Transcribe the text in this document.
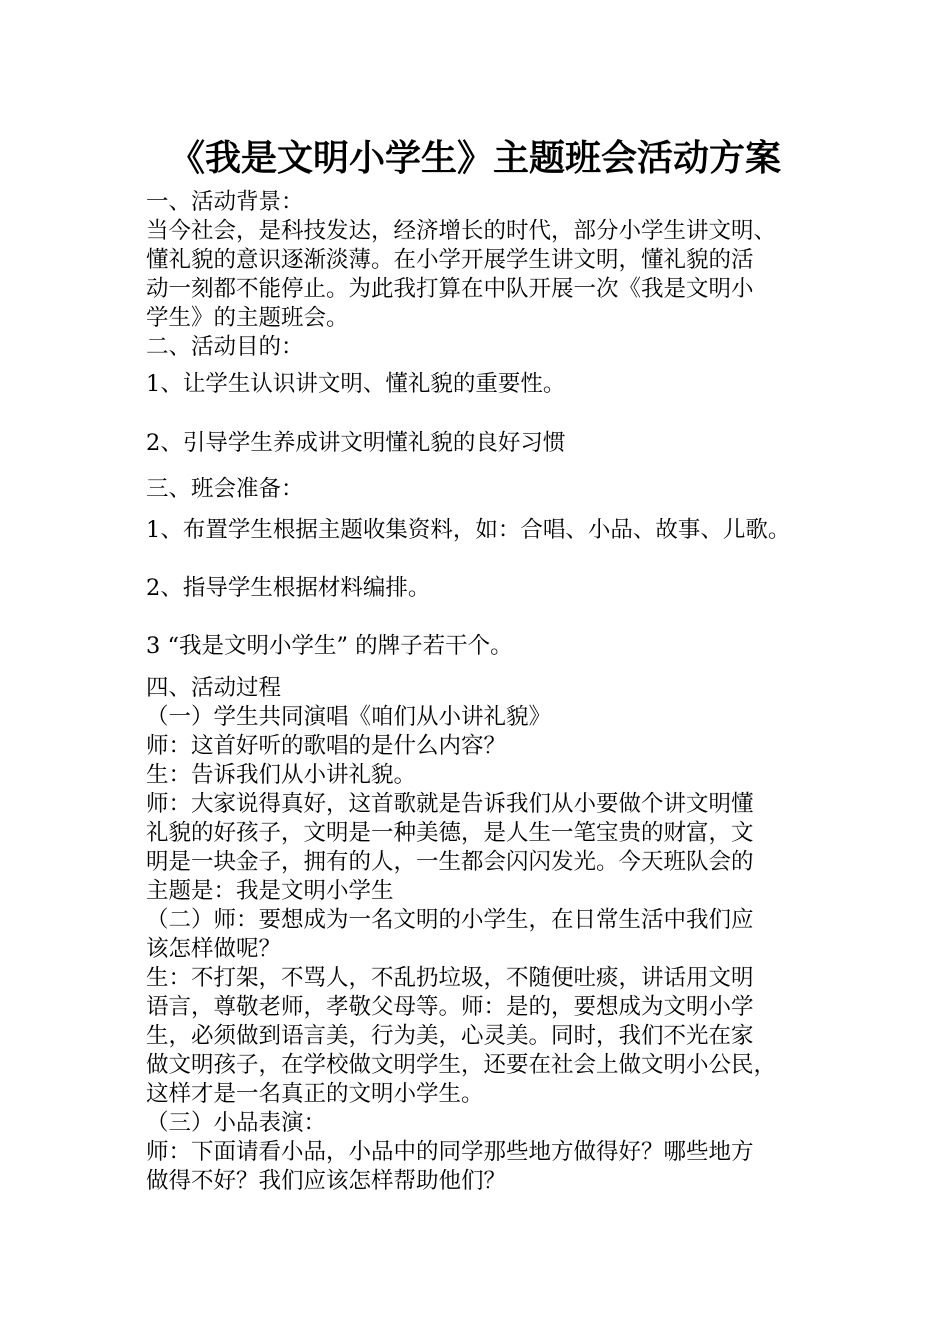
《我是文明小学生》主题班会活动方案
一、活动背景：
当今社会，是科技发达，经济增长的时代，部分小学生讲文明、
懂礼貌的意识逐渐淡薄。在小学开展学生讲文明，懂礼貌的活
动一刻都不能停止。为此我打算在中队开展一次《我是文明小
学生》的主题班会。
二、活动目的：
1、让学生认识讲文明、懂礼貌的重要性。
2、引导学生养成讲文明懂礼貌的良好习惯
三、班会准备：
1、布置学生根据主题收集资料，如：合唱、小品、故事、儿歌。
2、指导学生根据材料编排。
3 “我是文明小学生” 的牌子若干个。
四、活动过程
（一）学生共同演唱《咱们从小讲礼貌》
师：这首好听的歌唱的是什么内容？
生：告诉我们从小讲礼貌。
师：大家说得真好，这首歌就是告诉我们从小要做个讲文明懂
礼貌的好孩子，文明是一种美德，是人生一笔宝贵的财富，文
明是一块金子，拥有的人，一生都会闪闪发光。今天班队会的
主题是：我是文明小学生
（二）师：要想成为一名文明的小学生，在日常生活中我们应
该怎样做呢？
生：不打架，不骂人，不乱扔垃圾，不随便吐痰，讲话用文明
语言，尊敬老师，孝敬父母等。师：是的，要想成为文明小学
生，必须做到语言美，行为美，心灵美。同时，我们不光在家
做文明孩子，在学校做文明学生，还要在社会上做文明小公民，
这样才是一名真正的文明小学生。
（三）小品表演：
师：下面请看小品，小品中的同学那些地方做得好？哪些地方
做得不好？我们应该怎样帮助他们？
